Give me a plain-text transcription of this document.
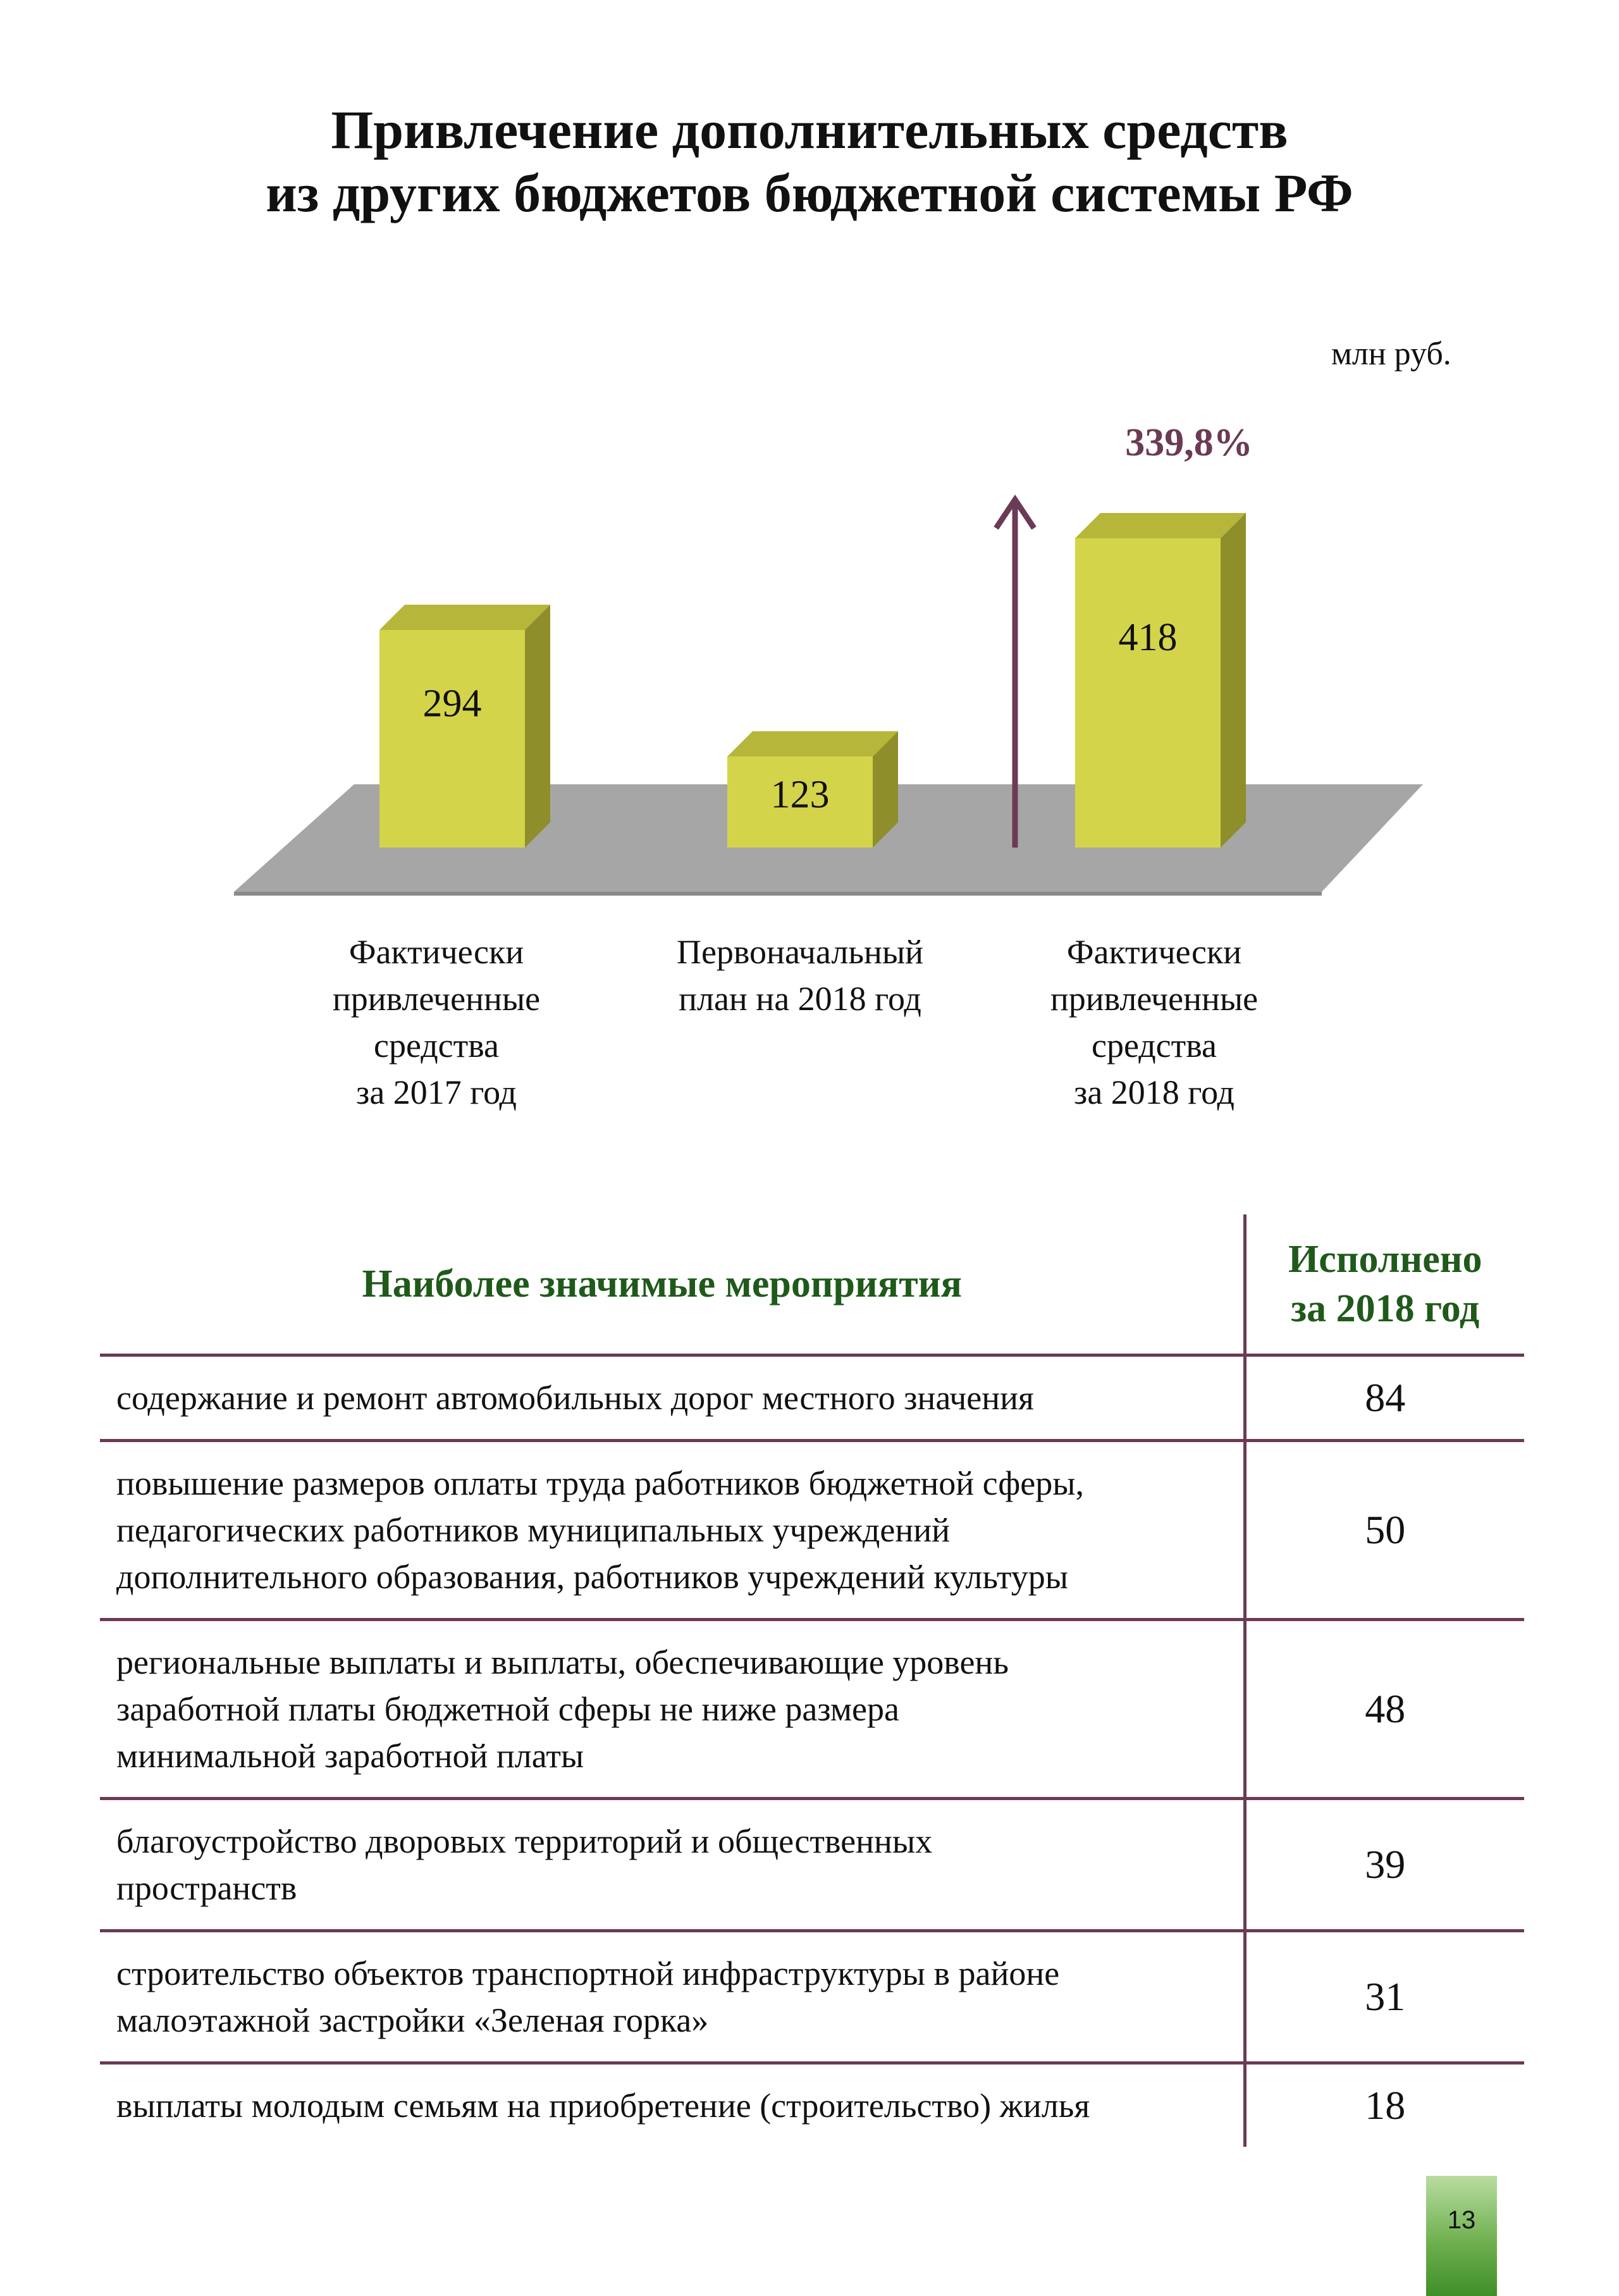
Привлечение дополнительных средств
из других бюджетов бюджетной системы РФ
млн руб.
294
123
418
339,8%
Фактически
привлеченные
средства
за 2017 год
Первоначальный
план на 2018 год
Фактически
привлеченные
средства
за 2018 год
Наиболее значимые мероприятия	Исполнено
за 2018 год

содержание и ремонт автомобильных дорог местного значения	84

повышение размеров оплаты труда работников бюджетной сферы,
педагогических работников муниципальных учреждений
дополнительного образования, работников учреждений культуры	50

региональные выплаты и выплаты, обеспечивающие уровень
заработной платы бюджетной сферы не ниже размера
минимальной заработной платы	48

благоустройство дворовых территорий и общественных
пространств	39

строительство объектов транспортной инфраструктуры в районе
малоэтажной застройки «Зеленая горка»	31

выплаты молодым семьям на приобретение (строительство) жилья	18
13
